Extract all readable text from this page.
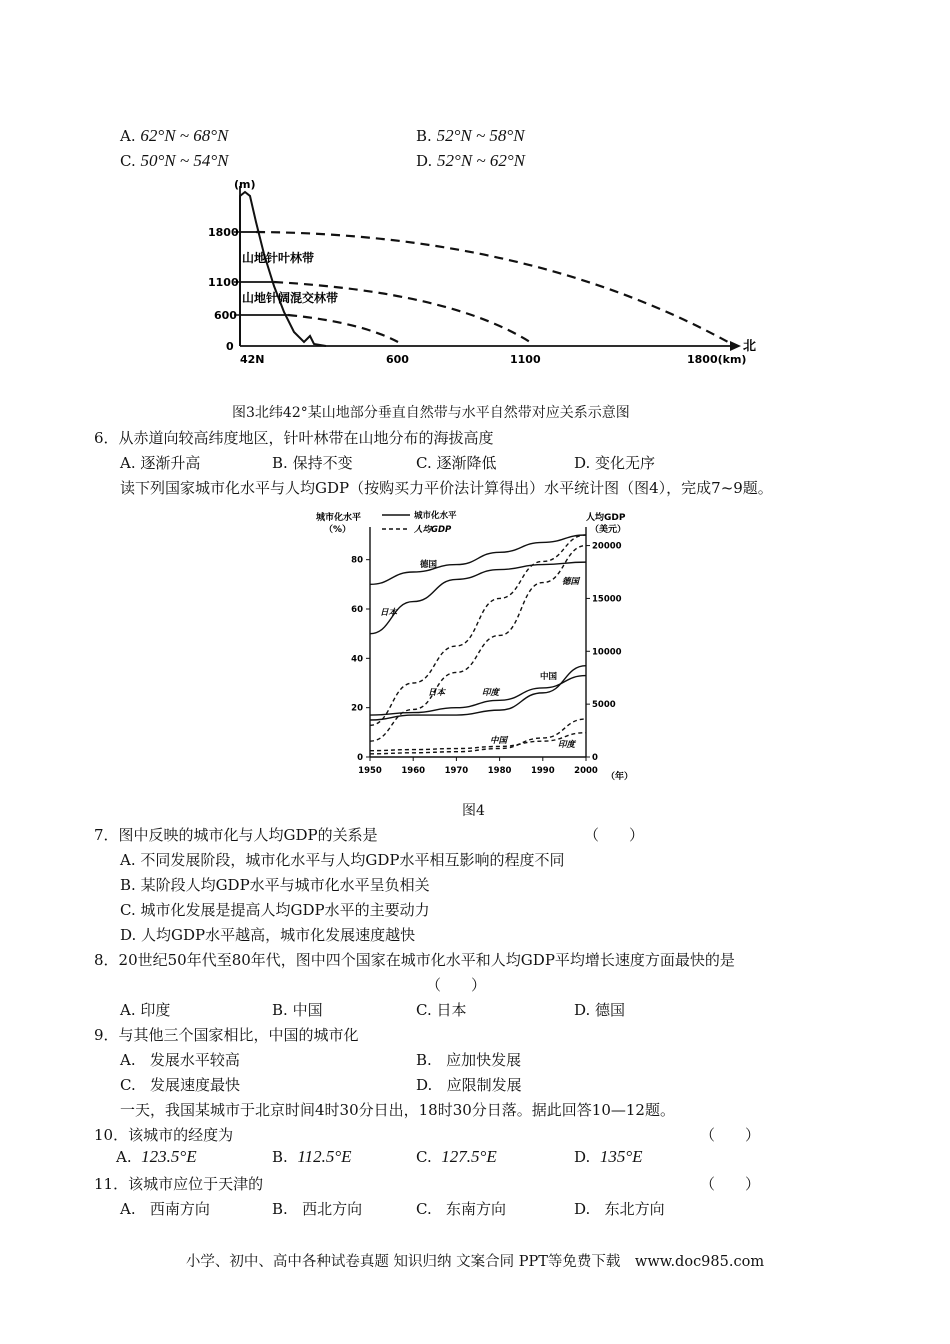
A. 62°N ~ 68°N	B. 52°N ~ 58°N
C. 50°N ~ 54°N	D. 52°N ~ 62°N
(m)
1800
1100
600
0
42N	600	1100	1800(km)
北
山地针叶林带
山地针阔混交林带
图3北纬42°某山地部分垂直自然带与水平自然带对应关系示意图
6．从赤道向较高纬度地区，针叶林带在山地分布的海拔高度
A. 逐渐升高	B. 保持不变	C. 逐渐降低	D. 变化无序
读下列国家城市化水平与人均GDP（按购买力平价法计算得出）水平统计图（图4），完成7~9题。
城市化水平
（%）
人均GDP
（美元）
城市化水平
人均GDP
（年）
0
20
40
60
80
0
5000
10000
15000
20000
1950 1960 1970 1980 1990 2000
德国
日本
德国
日本	印度
中国
中国	印度
图4
7．图中反映的城市化与人均GDP的关系是	（　　）
A. 不同发展阶段，城市化水平与人均GDP水平相互影响的程度不同
B. 某阶段人均GDP水平与城市化水平呈负相关
C. 城市化发展是提高人均GDP水平的主要动力
D. 人均GDP水平越高，城市化发展速度越快
8．20世纪50年代至80年代，图中四个国家在城市化水平和人均GDP平均增长速度方面最快的是
（　　）
A. 印度	B. 中国	C. 日本	D. 德国
9．与其他三个国家相比，中国的城市化
A. 发展水平较高	B. 应加快发展
C. 发展速度最快	D. 应限制发展
一天，我国某城市于北京时间4时30分日出，18时30分日落。据此回答10—12题。
10．该城市的经度为	（　　）
A. 123.5°E	B. 112.5°E	C. 127.5°E	D. 135°E
11．该城市应位于天津的	（　　）
A. 西南方向	B. 西北方向	C. 东南方向	D. 东北方向
小学、初中、高中各种试卷真题 知识归纳 文案合同 PPT等免费下载　www.doc985.com
